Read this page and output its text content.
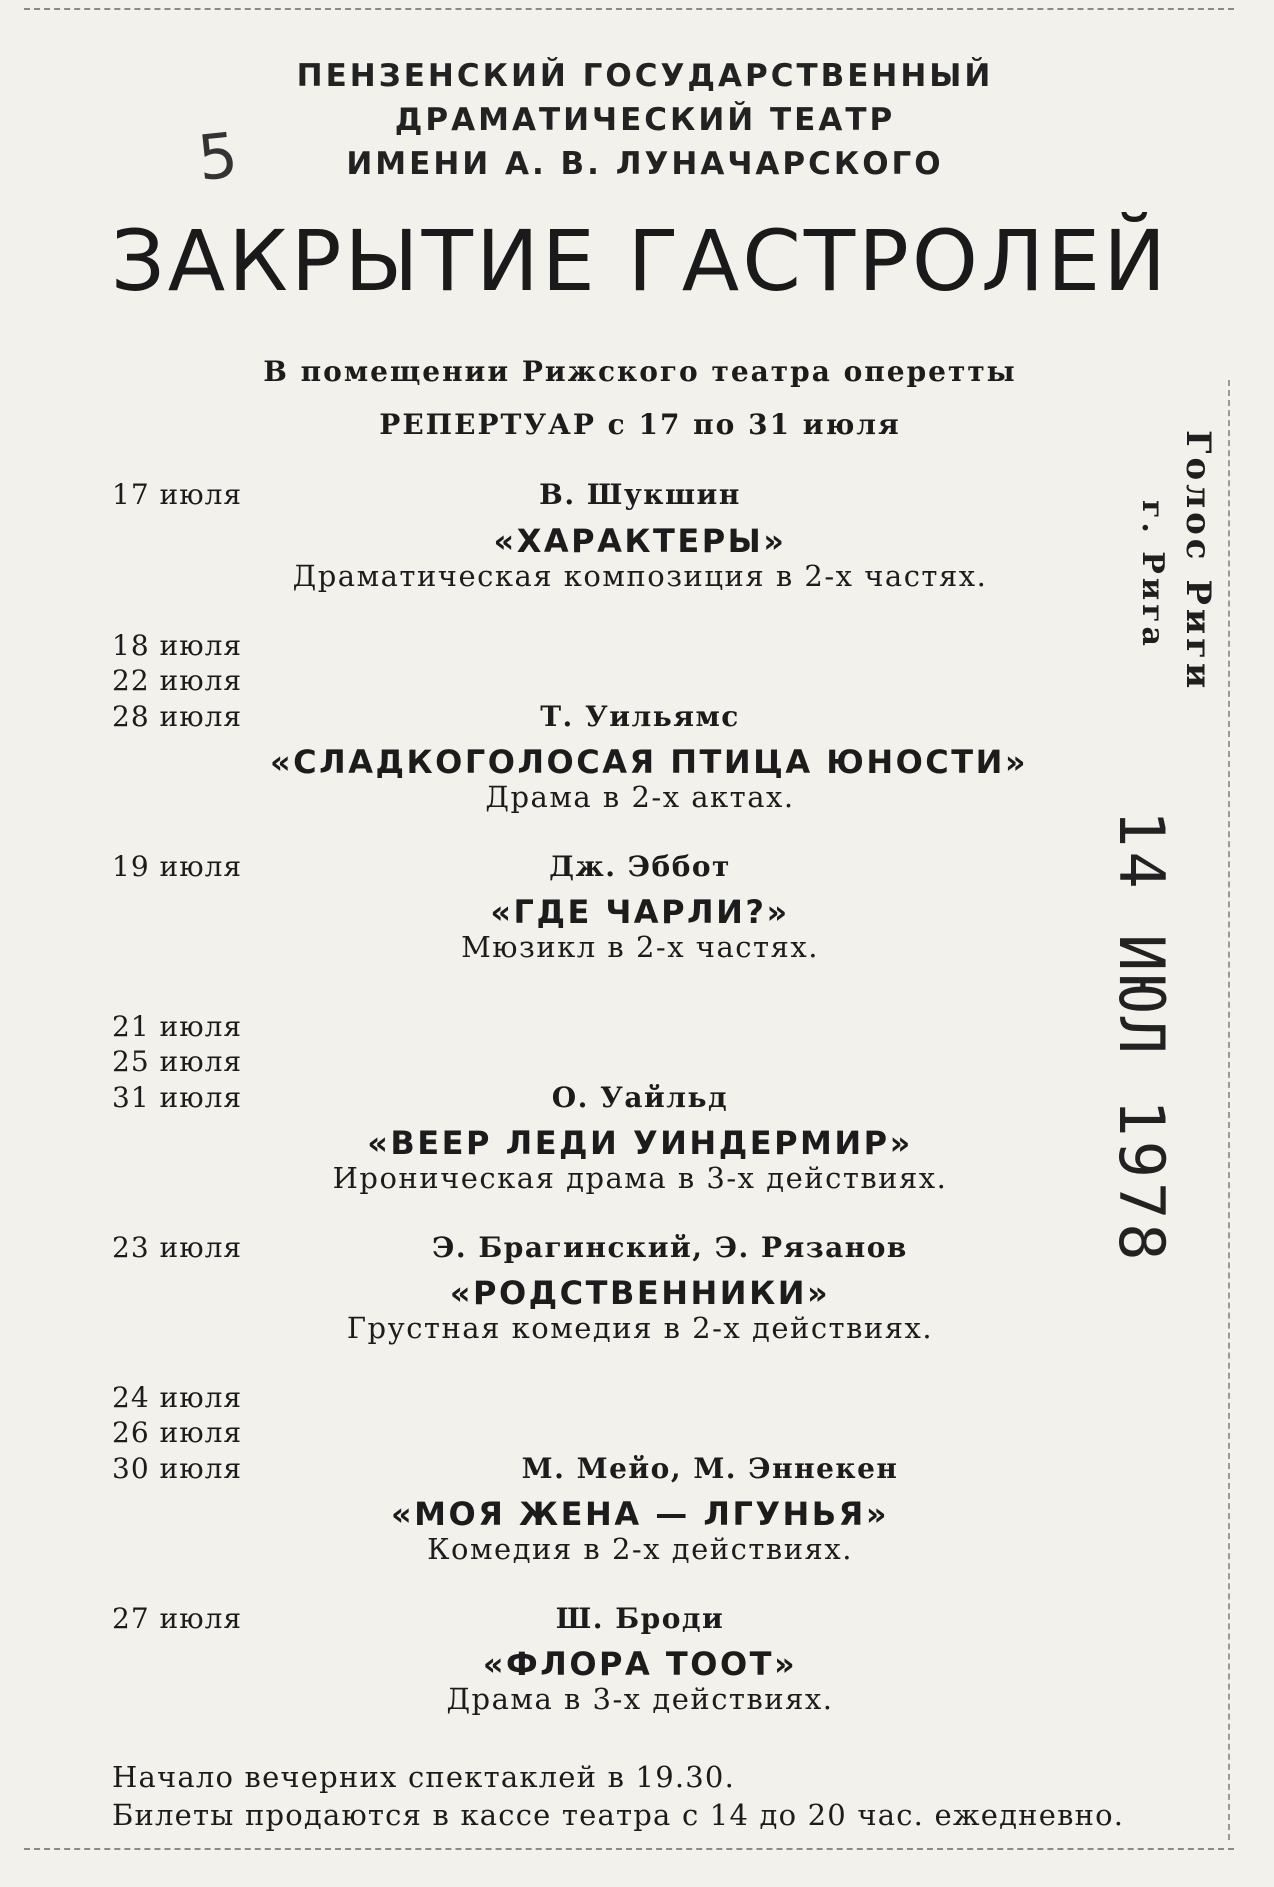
5
ПЕНЗЕНСКИЙ ГОСУДАРСТВЕННЫЙ
ДРАМАТИЧЕСКИЙ ТЕАТР
ИМЕНИ А. В. ЛУНАЧАРСКОГО
ЗАКРЫТИЕ ГАСТРОЛЕЙ
В помещении Рижского театра оперетты
РЕПЕРТУАР с 17 по 31 июля
17 июля	В. Шукшин
«ХАРАКТЕРЫ»
Драматическая композиция в 2-х частях.
18 июля
22 июля
28 июля	Т. Уильямс
«СЛАДКОГОЛОСАЯ ПТИЦА ЮНОСТИ»
Драма в 2-х актах.
19 июля	Дж. Эббот
«ГДЕ ЧАРЛИ?»
Мюзикл в 2-х частях.
21 июля
25 июля
31 июля	О. Уайльд
«ВЕЕР ЛЕДИ УИНДЕРМИР»
Ироническая драма в 3-х действиях.
23 июля	Э. Брагинский, Э. Рязанов
«РОДСТВЕННИКИ»
Грустная комедия в 2-х действиях.
24 июля
26 июля
30 июля	М. Мейо, М. Эннекен
«МОЯ ЖЕНА — ЛГУНЬЯ»
Комедия в 2-х действиях.
27 июля	Ш. Броди
«ФЛОРА ТООТ»
Драма в 3-х действиях.
Начало вечерних спектаклей в 19.30.
Билеты продаются в кассе театра с 14 до 20 час. ежедневно.
Голос Риги
г. Рига
14 ИЮЛ 1978
